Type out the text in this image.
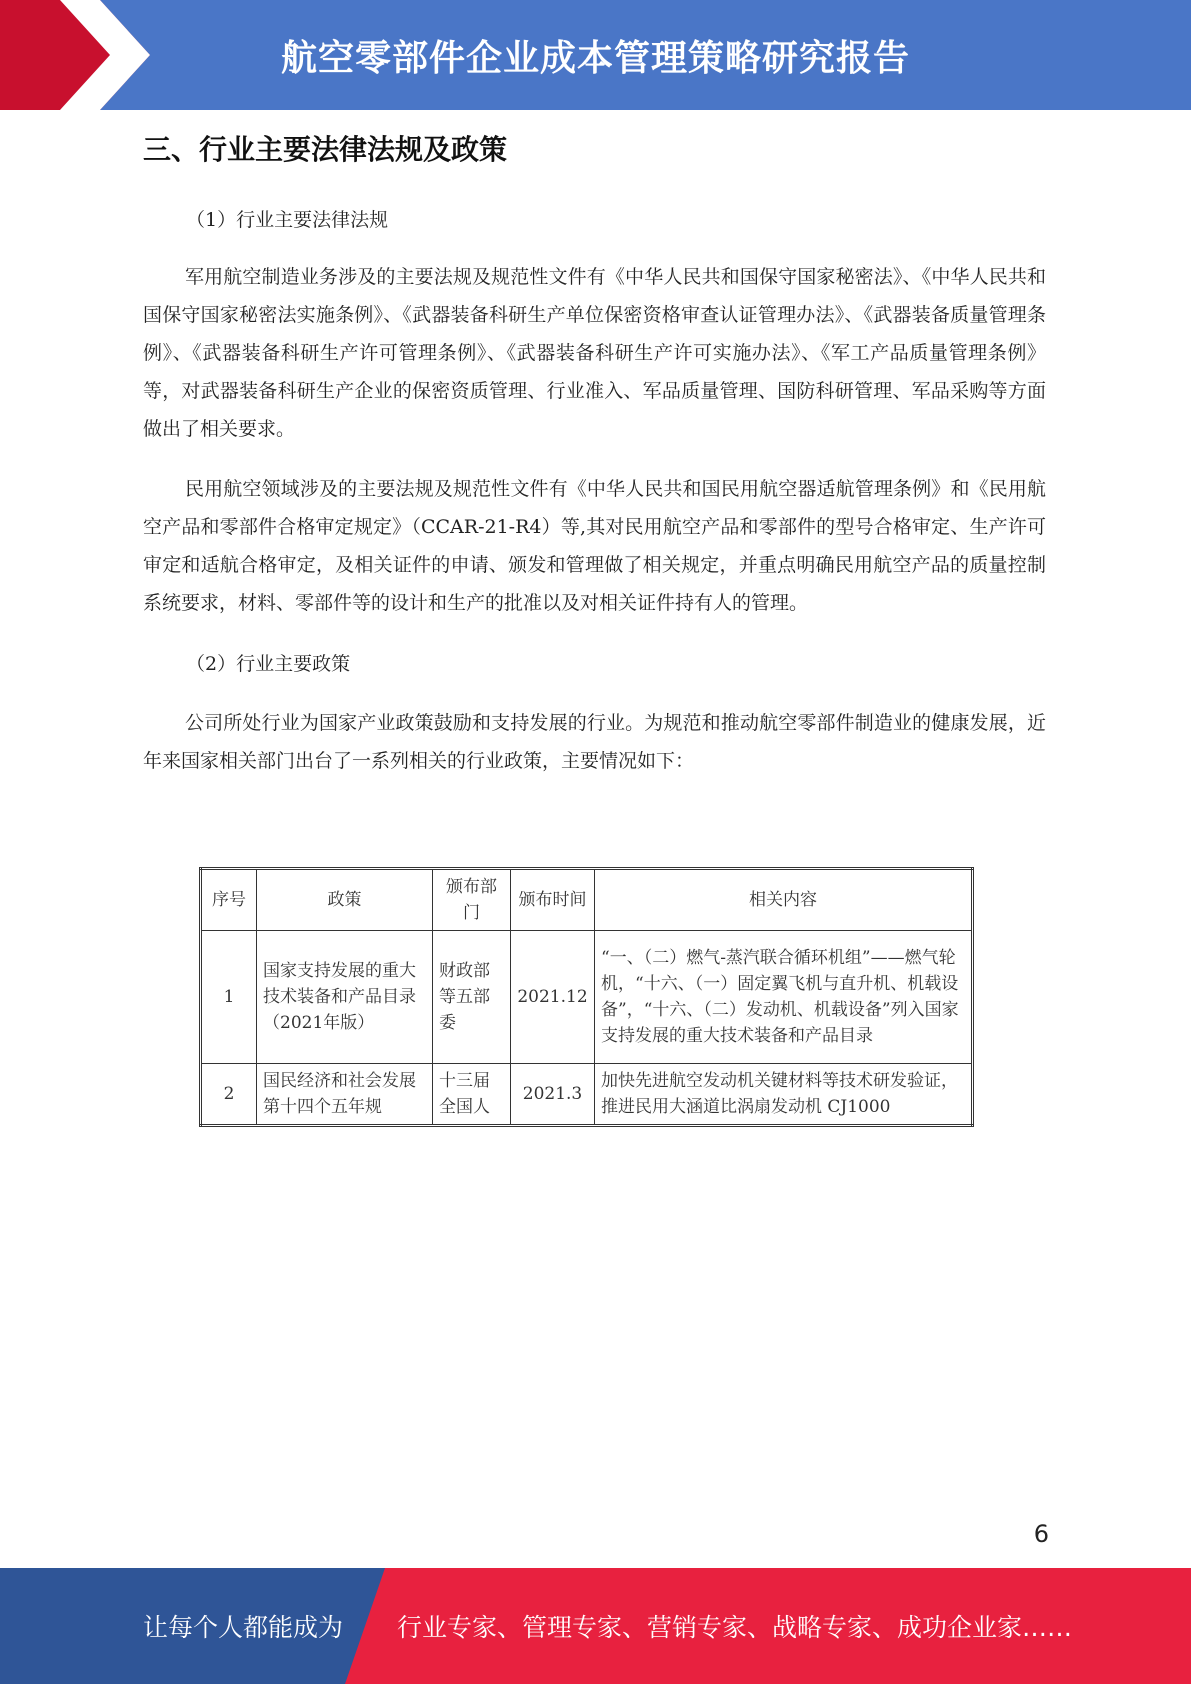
航空零部件企业成本管理策略研究报告
三、行业主要法律法规及政策
（1）行业主要法律法规

军用航空制造业务涉及的主要法规及规范性文件有《中华人民共和国保守国家秘密法》、《中华人民共和国保守国家秘密法实施条例》、《武器装备科研生产单位保密资格审查认证管理办法》、《武器装备质量管理条例》、《武器装备科研生产许可管理条例》、《武器装备科研生产许可实施办法》、《军工产品质量管理条例》等，对武器装备科研生产企业的保密资质管理、行业准入、军品质量管理、国防科研管理、军品采购等方面做出了相关要求。

民用航空领域涉及的主要法规及规范性文件有《中华人民共和国民用航空器适航管理条例》和《民用航空产品和零部件合格审定规定》（CCAR-21-R4）等,其对民用航空产品和零部件的型号合格审定、生产许可审定和适航合格审定，及相关证件的申请、颁发和管理做了相关规定，并重点明确民用航空产品的质量控制系统要求，材料、零部件等的设计和生产的批准以及对相关证件持有人的管理。

（2）行业主要政策

公司所处行业为国家产业政策鼓励和支持发展的行业。为规范和推动航空零部件制造业的健康发展，近年来国家相关部门出台了一系列相关的行业政策，主要情况如下：

序号	政策	颁布部门	颁布时间	相关内容
1	国家支持发展的重大技术装备和产品目录（2021年版）	财政部等五部委	2021.12	“一、（二）燃气-蒸汽联合循环机组”——燃气轮机，“十六、（一）固定翼飞机与直升机、机载设备”，“十六、（二）发动机、机载设备”列入国家支持发展的重大技术装备和产品目录
2	国民经济和社会发展第十四个五年规	十三届全国人	2021.3	加快先进航空发动机关键材料等技术研发验证，推进民用大涵道比涡扇发动机 CJ1000
6
让每个人都能成为 行业专家、管理专家、营销专家、战略专家、成功企业家……
